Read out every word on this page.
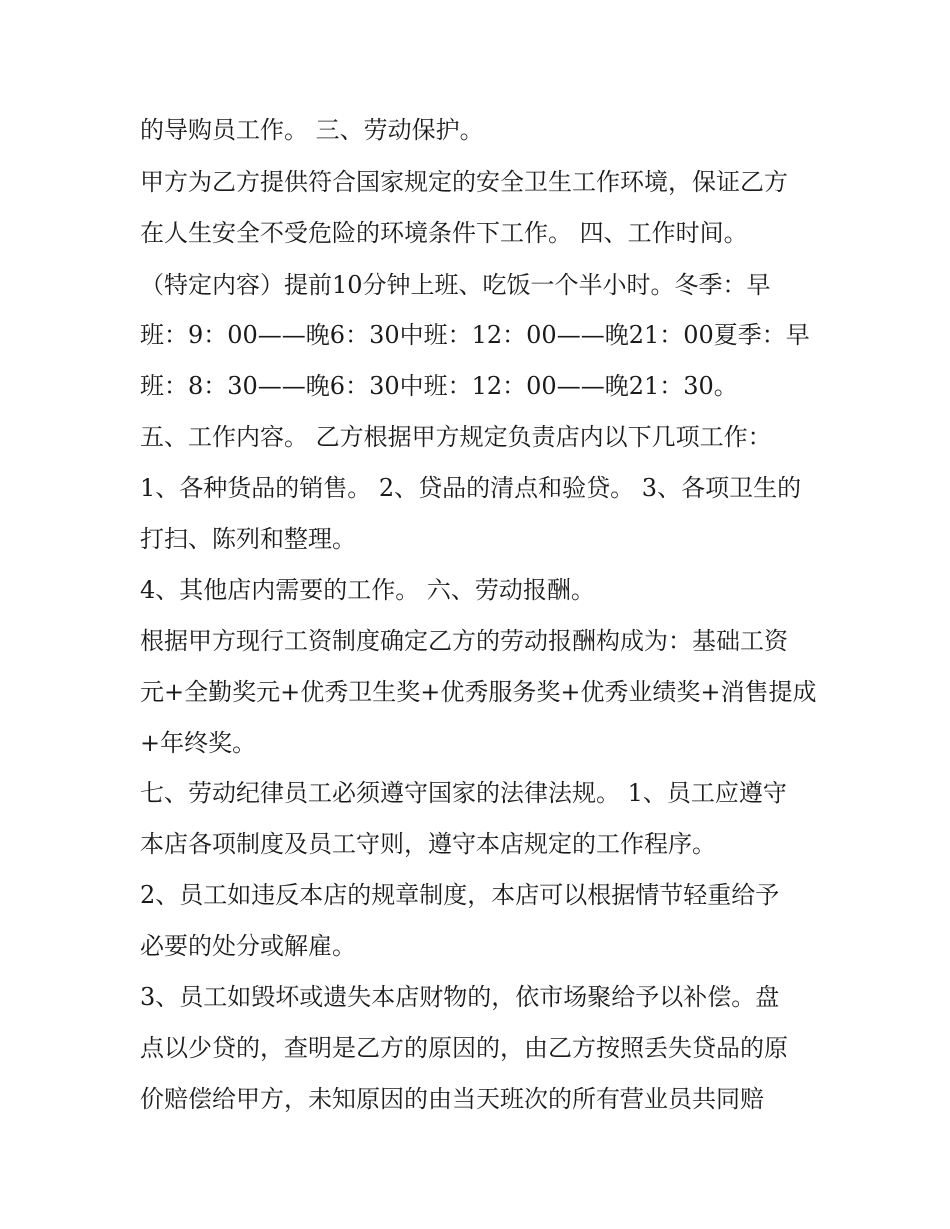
的导购员工作。 三、劳动保护。
甲方为乙方提供符合国家规定的安全卫生工作环境，保证乙方
在人生安全不受危险的环境条件下工作。 四、工作时间。
（特定内容）提前10分钟上班、吃饭一个半小时。冬季：早
班：9：00——晚6：30中班：12：00——晚21：00夏季：早
班：8：30——晚6：30中班：12：00——晚21：30。
五、工作内容。 乙方根据甲方规定负责店内以下几项工作：
1、各种货品的销售。 2、贷品的清点和验贷。 3、各项卫生的
打扫、陈列和整理。
4、其他店内需要的工作。 六、劳动报酬。
根据甲方现行工资制度确定乙方的劳动报酬构成为：基础工资
元+全勤奖元+优秀卫生奖+优秀服务奖+优秀业绩奖+消售提成
+年终奖。
七、劳动纪律员工必须遵守国家的法律法规。 1、员工应遵守
本店各项制度及员工守则，遵守本店规定的工作程序。
2、员工如违反本店的规章制度，本店可以根据情节轻重给予
必要的处分或解雇。
3、员工如毁坏或遗失本店财物的，依市场聚给予以补偿。盘
点以少贷的，查明是乙方的原因的，由乙方按照丢失贷品的原
价赔偿给甲方，未知原因的由当天班次的所有营业员共同赔
